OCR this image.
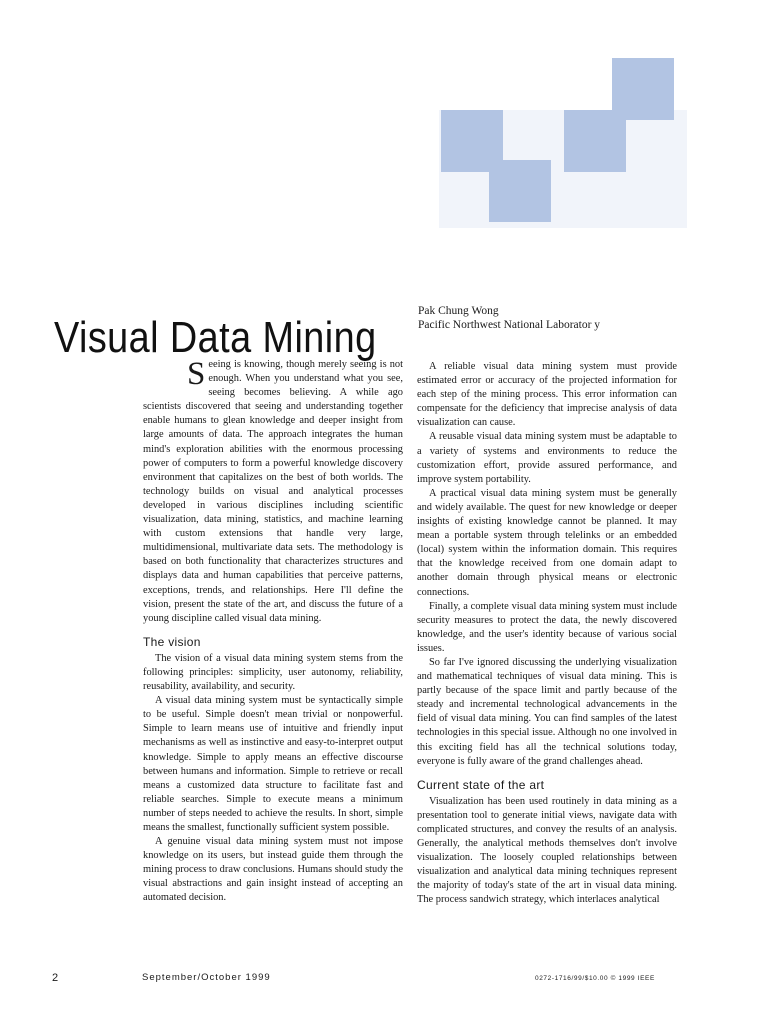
Visual Data Mining
Pak Chung Wong
Pacific Northwest National Laborator y

Seeing is knowing, though merely seeing is not enough. When you understand what you see, seeing becomes believing. A while ago scientists discovered that seeing and understanding together enable humans to glean knowledge and deeper insight from large amounts of data. The approach integrates the human mind's exploration abilities with the enormous processing power of computers to form a powerful knowledge discovery environment that capitalizes on the best of both worlds. The technology builds on visual and analytical processes developed in various disciplines including scientific visualization, data mining, statistics, and machine learning with custom extensions that handle very large, multidimensional, multivariate data sets. The methodology is based on both functionality that characterizes structures and displays data and human capabilities that perceive patterns, exceptions, trends, and relationships. Here I'll define the vision, present the state of the art, and discuss the future of a young discipline called visual data mining.

The vision

The vision of a visual data mining system stems from the following principles: simplicity, user autonomy, reliability, reusability, availability, and security.

A visual data mining system must be syntactically simple to be useful. Simple doesn't mean trivial or nonpowerful. Simple to learn means use of intuitive and friendly input mechanisms as well as instinctive and easy-to-interpret output knowledge. Simple to apply means an effective discourse between humans and information. Simple to retrieve or recall means a customized data structure to facilitate fast and reliable searches. Simple to execute means a minimum number of steps needed to achieve the results. In short, simple means the smallest, functionally sufficient system possible.

A genuine visual data mining system must not impose knowledge on its users, but instead guide them through the mining process to draw conclusions. Humans should study the visual abstractions and gain insight instead of accepting an automated decision.

A reliable visual data mining system must provide estimated error or accuracy of the projected information for each step of the mining process. This error information can compensate for the deficiency that imprecise analysis of data visualization can cause.

A reusable visual data mining system must be adaptable to a variety of systems and environments to reduce the customization effort, provide assured performance, and improve system portability.

A practical visual data mining system must be generally and widely available. The quest for new knowledge or deeper insights of existing knowledge cannot be planned. It may mean a portable system through telelinks or an embedded (local) system within the information domain. This requires that the knowledge received from one domain adapt to another domain through physical means or electronic connections.

Finally, a complete visual data mining system must include security measures to protect the data, the newly discovered knowledge, and the user's identity because of various social issues.

So far I've ignored discussing the underlying visualization and mathematical techniques of visual data mining. This is partly because of the space limit and partly because of the steady and incremental technological advancements in the field of visual data mining. You can find samples of the latest technologies in this special issue. Although no one involved in this exciting field has all the technical solutions today, everyone is fully aware of the grand challenges ahead.

Current state of the art

Visualization has been used routinely in data mining as a presentation tool to generate initial views, navigate data with complicated structures, and convey the results of an analysis. Generally, the analytical methods themselves don't involve visualization. The loosely coupled relationships between visualization and analytical data mining techniques represent the majority of today's state of the art in visual data mining. The process sandwich strategy, which interlaces analytical

2	September/October 1999	0272-1716/99/$10.00 © 1999 IEEE
